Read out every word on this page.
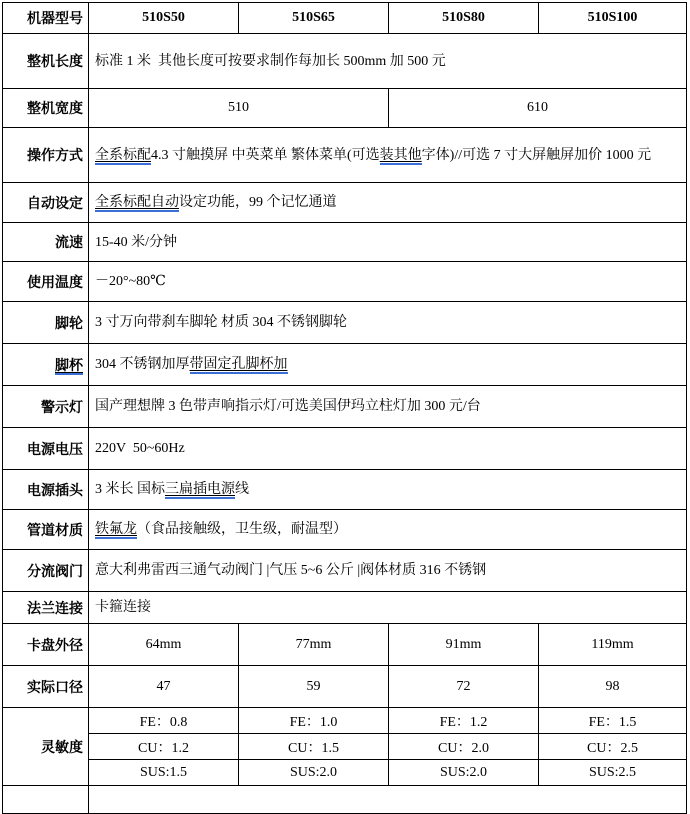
机器型号	510S50	510S65	510S80	510S100
整机长度	标准 1 米  其他长度可按要求制作每加长 500mm 加 500 元			
整机宽度	510		610	
操作方式	全系标配4.3 寸触摸屏 中英菜单 繁体菜单(可选装其他字体)//可选 7 寸大屏触屏加价 1000 元			
自动设定	全系标配自动设定功能，99 个记忆通道			
流速	15-40 米/分钟			
使用温度	－20°~80℃			
脚轮	3 寸万向带刹车脚轮 材质 304 不锈钢脚轮			
脚杯	304 不锈钢加厚带固定孔脚杯加			
警示灯	国产理想牌 3 色带声响指示灯/可选美国伊玛立柱灯加 300 元/台			
电源电压	220V  50~60Hz			
电源插头	3 米长 国标三扁插电源线			
管道材质	铁氟龙（食品接触级，卫生级，耐温型）			
分流阀门	意大利弗雷西三通气动阀门 |气压 5~6 公斤 |阀体材质 316 不锈钢			
法兰连接	卡箍连接			
卡盘外径	64mm	77mm	91mm	119mm
实际口径	47	59	72	98
灵敏度	FE：0.8	FE：1.0	FE：1.2	FE：1.5
	CU：1.2	CU：1.5	CU：2.0	CU：2.5
	SUS:1.5	SUS:2.0	SUS:2.0	SUS:2.5
